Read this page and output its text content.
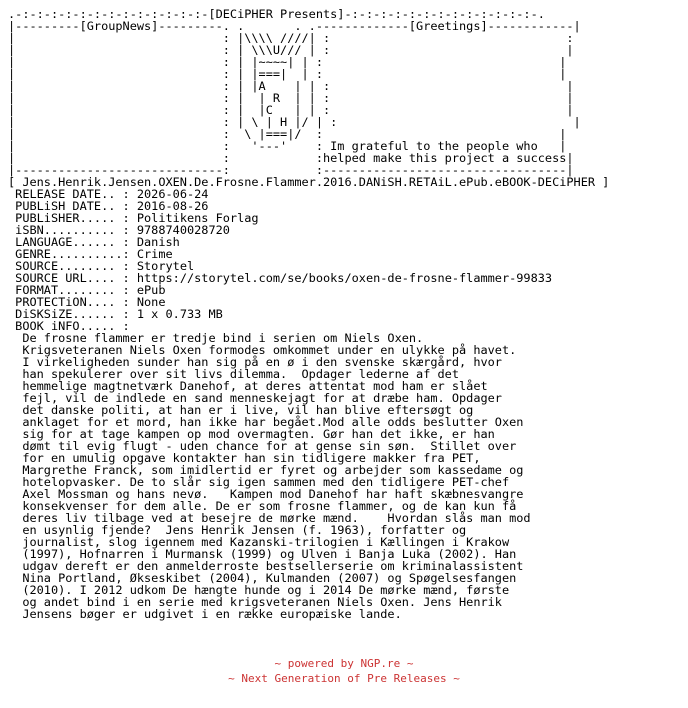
.-:-:-:-:-:-:-:-:-:-:-:-:-:-[DECiPHER Presents]-:-:-:-:-:-:-:-:-:-:-:-:-:-.
|---------[GroupNews]---------. .       . .-------------[Greetings]------------|
|                             : |\\\\ ////| :                                 :
|                             : | \\\U/// | :                                 |
|                             : | |~~~~| | :                                 |
|                             : | |===|  | :                                 |
|                             : | |A    | | :                                 |
|                             : |  | R  | | :                                 |
|                             : |  |C   | | :                                 |
|                             : | \ | H |/ | :                                 |
|                             :  \ |===|/  :                                 |
|                             :   '---'    : Im grateful to the people who   |
|                             :            :helped make this project a success|
|-----------------------------:            :----------------------------------|
[ Jens.Henrik.Jensen.OXEN.De.Frosne.Flammer.2016.DANiSH.RETAiL.ePub.eBOOK-DECiPHER ]
RELEASE DATE.. : 2026-06-24
PUBLiSH DATE.. : 2016-08-26
PUBLiSHER..... : Politikens Forlag
iSBN.......... : 9788740028720
LANGUAGE...... : Danish
GENRE..........: Crime
SOURCE........ : Storytel
SOURCE URL.... : https://storytel.com/se/books/oxen-de-frosne-flammer-99833
FORMAT........ : ePub
PROTECTiON.... : None
DiSKSiZE...... : 1 x 0.733 MB
BOOK iNFO..... :
De frosne flammer er tredje bind i serien om Niels Oxen.
Krigsveteranen Niels Oxen formodes omkommet under en ulykke på havet.
I virkeligheden sunder han sig på en ø i den svenske skærgård, hvor
han spekulerer over sit livs dilemma.  Opdager lederne af det
hemmelige magtnetværk Danehof, at deres attentat mod ham er slået
fejl, vil de indlede en sand menneskejagt for at dræbe ham. Opdager
det danske politi, at han er i live, vil han blive eftersøgt og
anklaget for et mord, han ikke har begået.Mod alle odds beslutter Oxen
sig for at tage kampen op mod overmagten. Gør han det ikke, er han
dømt til evig flugt - uden chance for at gense sin søn.  Stillet over
for en umulig opgave kontakter han sin tidligere makker fra PET,
Margrethe Franck, som imidlertid er fyret og arbejder som kassedame og
hotelopvasker. De to slår sig igen sammen med den tidligere PET-chef
Axel Mossman og hans nevø.   Kampen mod Danehof har haft skæbnesvangre
konsekvenser for dem alle. De er som frosne flammer, og de kan kun få
deres liv tilbage ved at besejre de mørke mænd.    Hvordan slås man mod
en usynlig fjende?  Jens Henrik Jensen (f. 1963), forfatter og
journalist, slog igennem med Kazanski-trilogien i Kællingen i Krakow
(1997), Hofnarren i Murmansk (1999) og Ulven i Banja Luka (2002). Han
udgav dereft er den anmelderroste bestsellerserie om kriminalassistent
Nina Portland, Økseskibet (2004), Kulmanden (2007) og Spøgelsesfangen
(2010). I 2012 udkom De hængte hunde og i 2014 De mørke mænd, første
og andet bind i en serie med krigsveteranen Niels Oxen. Jens Henrik
Jensens bøger er udgivet i en række europæiske lande.
~ powered by NGP.re ~
~ Next Generation of Pre Releases ~
